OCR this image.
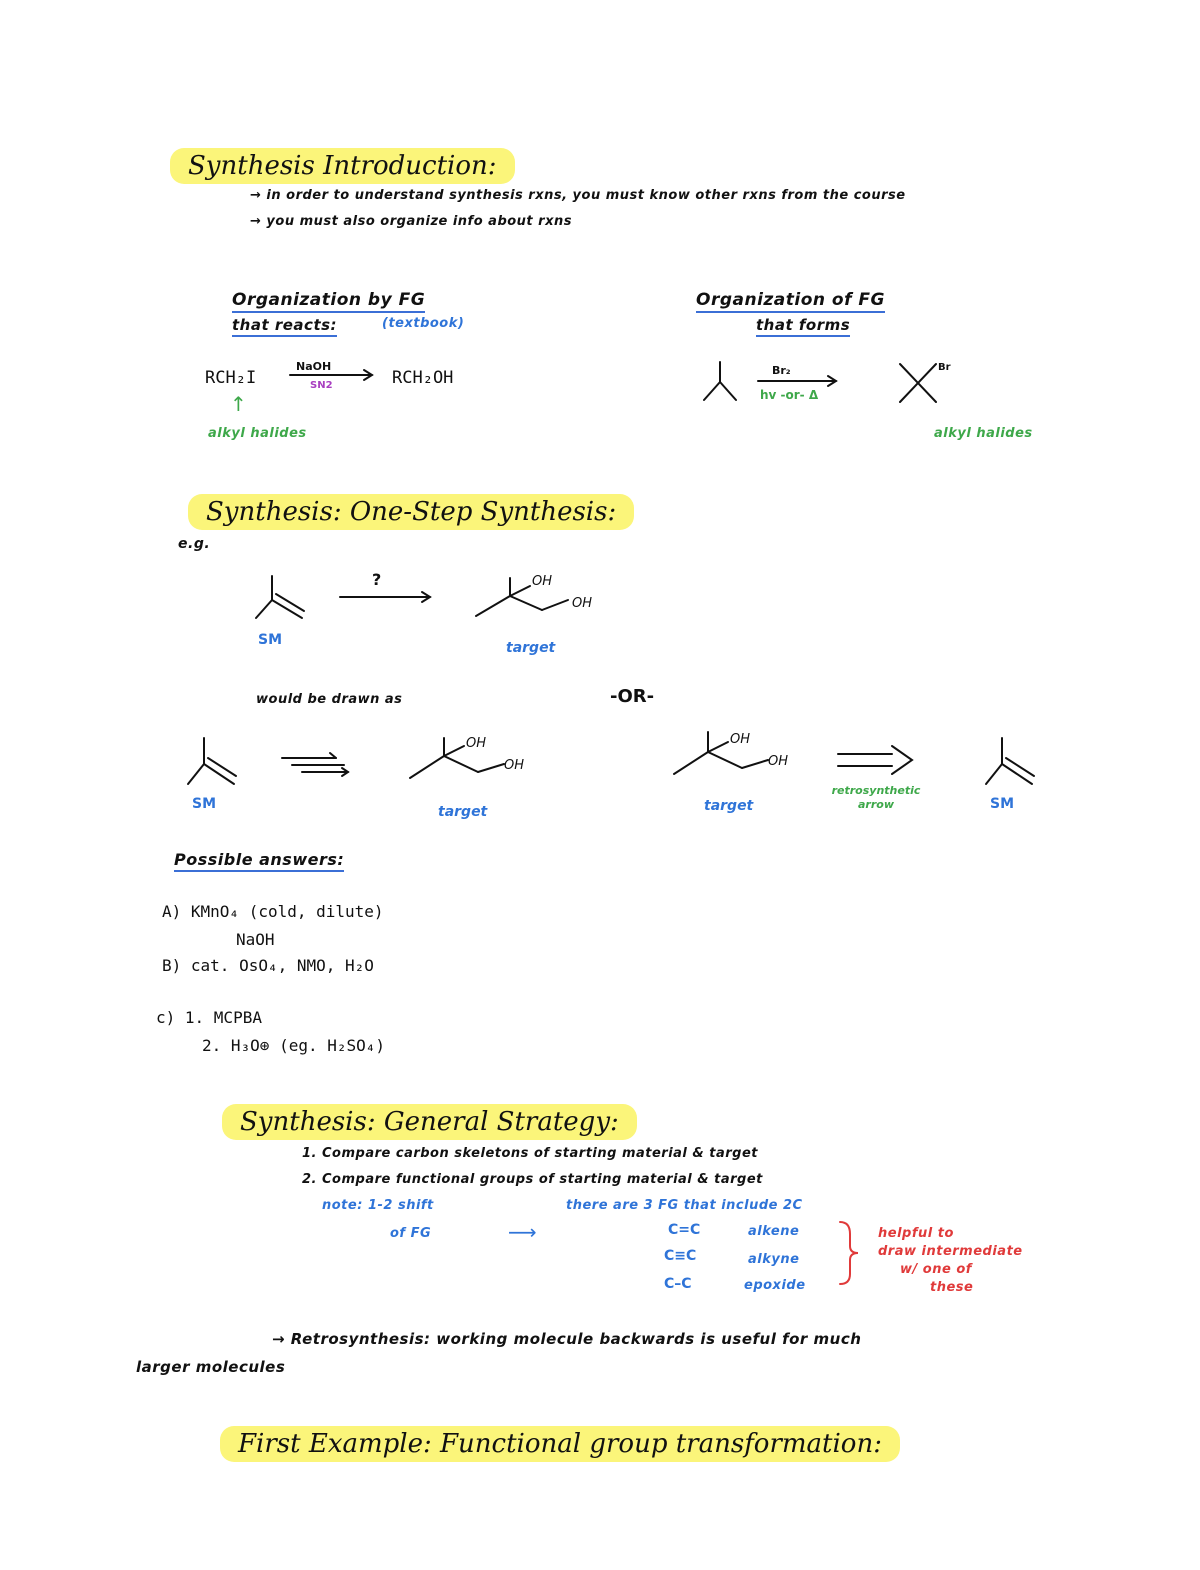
Synthesis Introduction:
→ in order to understand synthesis rxns, you must know other rxns from the course
→ you must also organize info about rxns
Organization by FG
that reacts:	(textbook)
Organization of FG
that forms
RCH₂I
NaOH
SN2	RCH₂OH
↑
alkyl halides
Br₂
hv -or- Δ
Br
alkyl halides
Synthesis: One-Step Synthesis:
e.g.
?	OH
OH
SM	target
would be drawn as	-OR-
OH
OH
SM	target
OH
OH
target
retrosynthetic arrow	SM
Possible answers:
A) KMnO₄ (cold, dilute)
NaOH
B) cat. OsO₄, NMO, H₂O
c) 1. MCPBA
2. H₃O⊕ (eg. H₂SO₄)
Synthesis: General Strategy:
1. Compare carbon skeletons of starting material & target
2. Compare functional groups of starting material & target
note: 1-2 shift
of FG	⟶
there are 3 FG that include 2C
C=C	alkene
C≡C	alkyne
C–C	epoxide
helpful to
draw intermediate
w/ one of
these
→ Retrosynthesis: working molecule backwards is useful for much
larger molecules
First Example: Functional group transformation:
